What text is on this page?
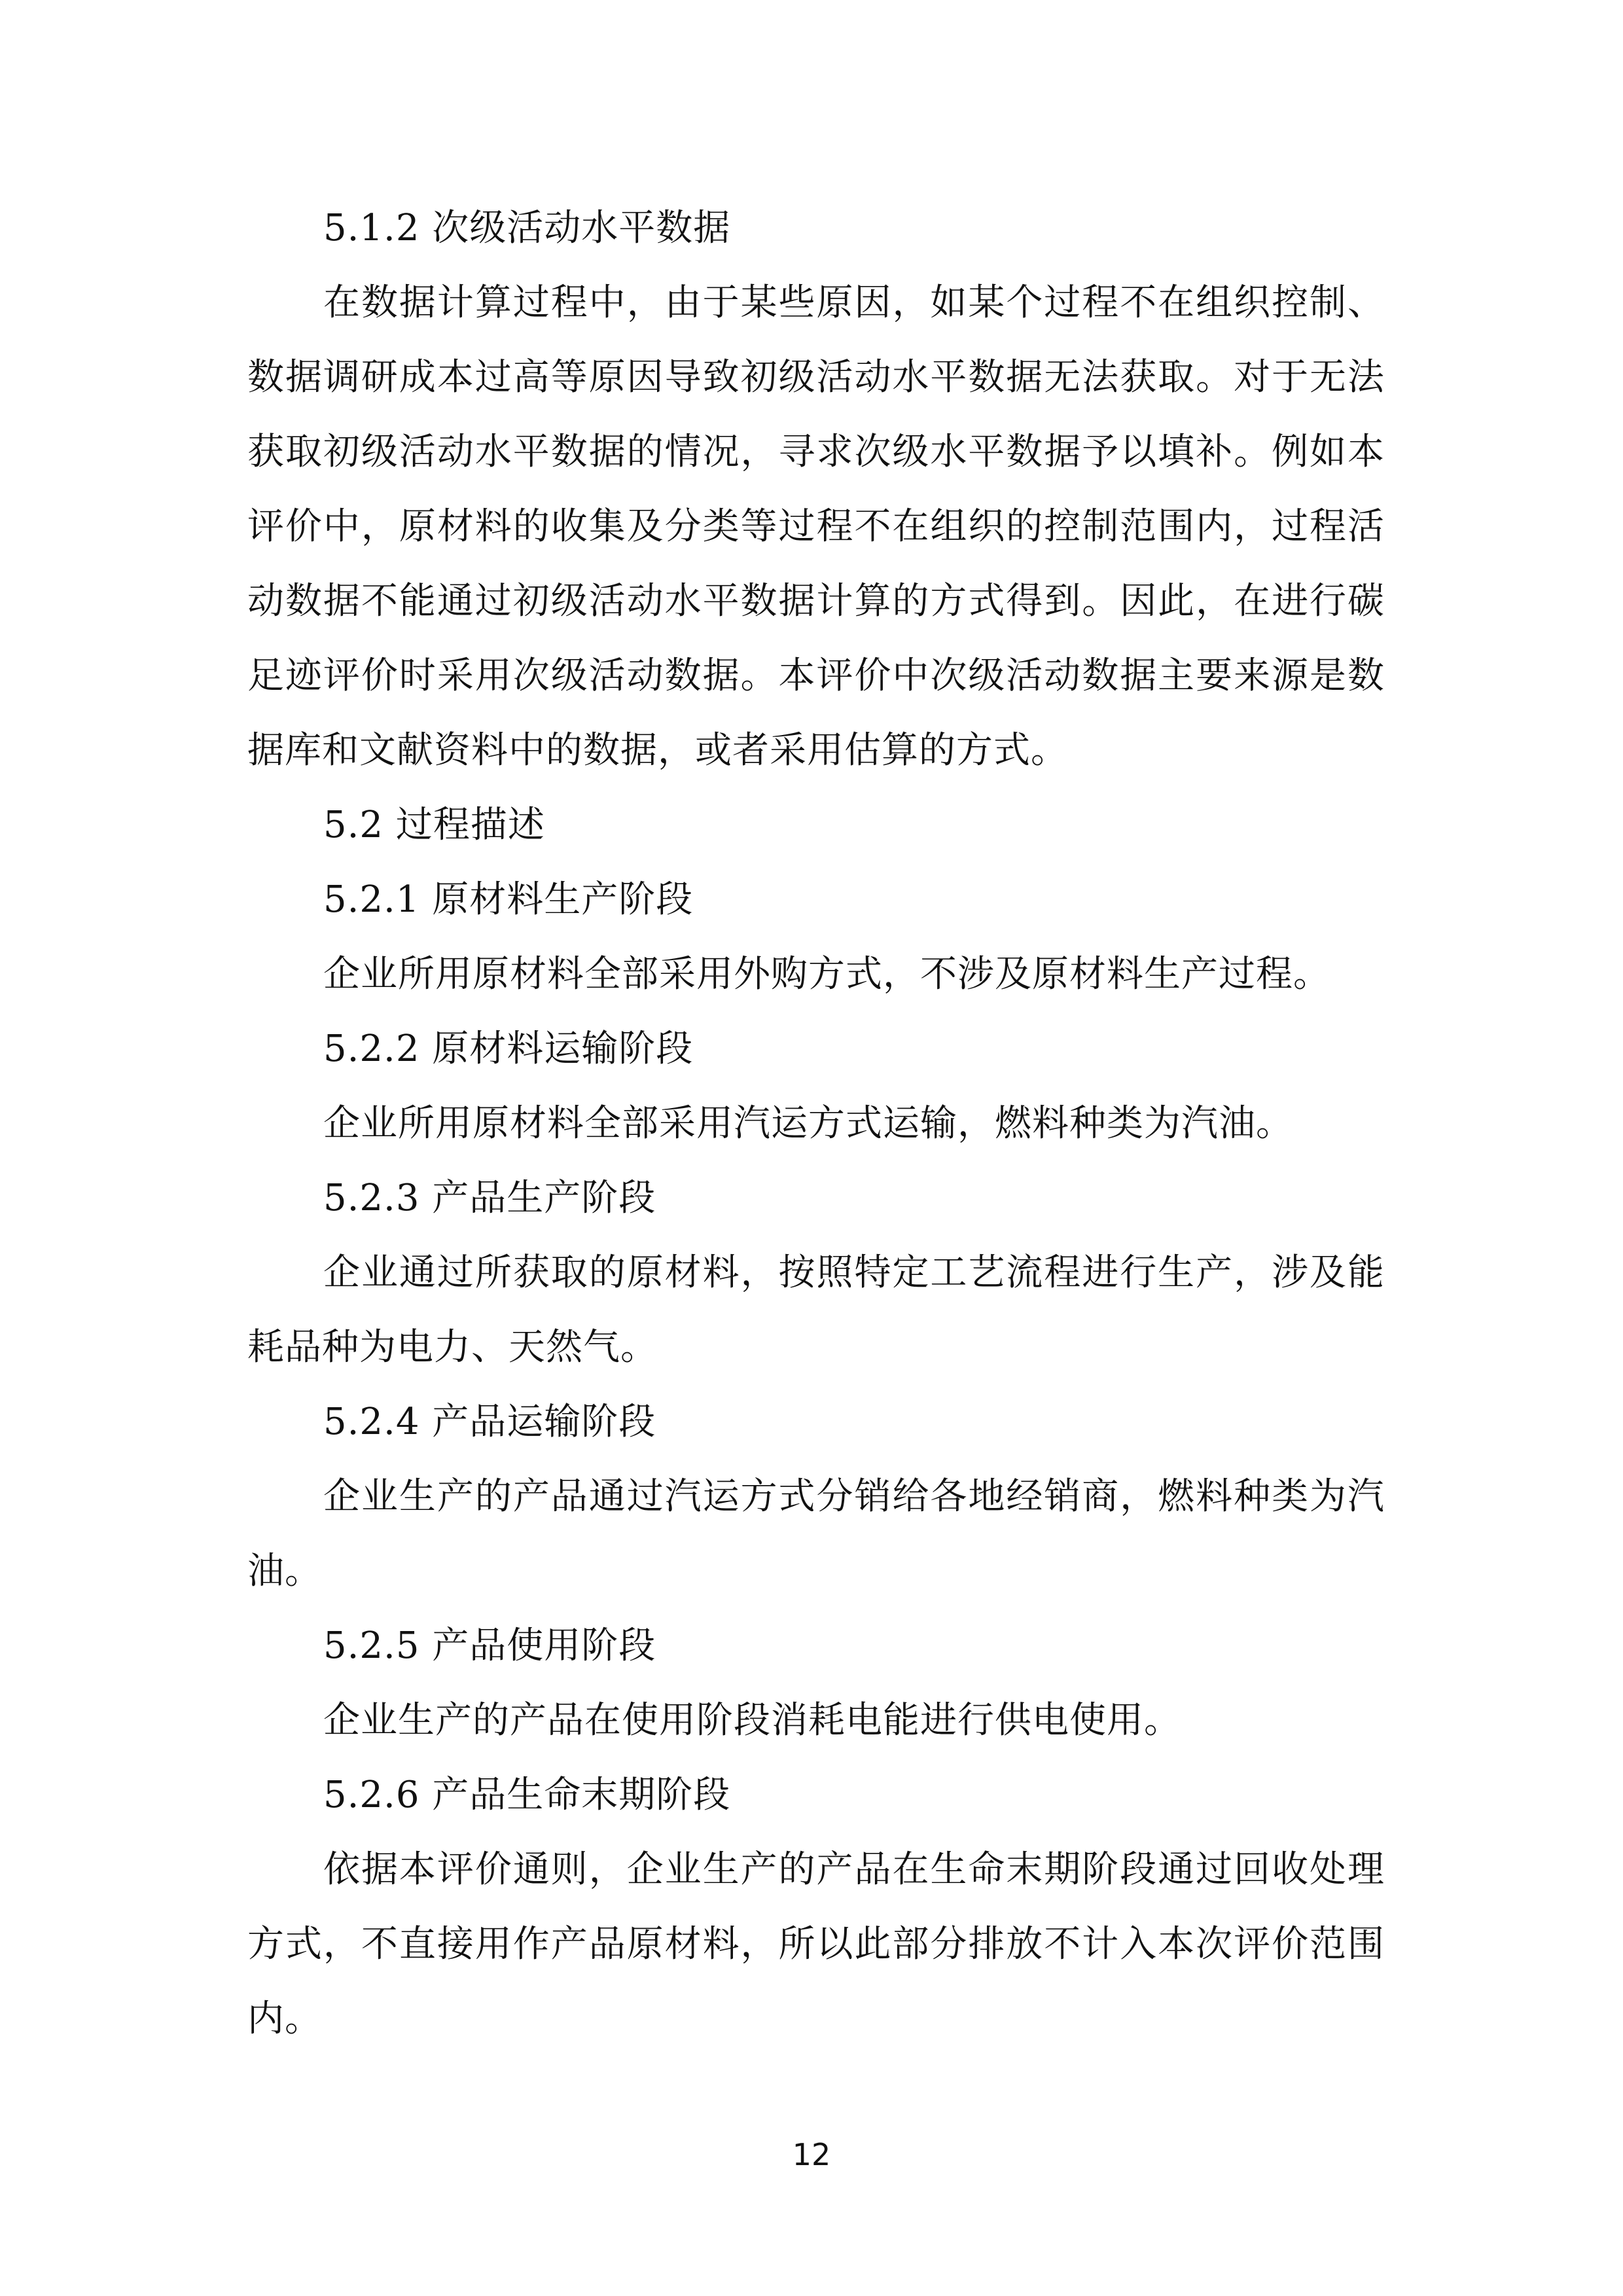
5.1.2 次级活动水平数据

在数据计算过程中，由于某些原因，如某个过程不在组织控制、数据调研成本过高等原因导致初级活动水平数据无法获取。对于无法获取初级活动水平数据的情况，寻求次级水平数据予以填补。例如本评价中，原材料的收集及分类等过程不在组织的控制范围内，过程活动数据不能通过初级活动水平数据计算的方式得到。因此，在进行碳足迹评价时采用次级活动数据。本评价中次级活动数据主要来源是数据库和文献资料中的数据，或者采用估算的方式。

5.2 过程描述

5.2.1 原材料生产阶段

企业所用原材料全部采用外购方式，不涉及原材料生产过程。

5.2.2 原材料运输阶段

企业所用原材料全部采用汽运方式运输，燃料种类为汽油。

5.2.3 产品生产阶段

企业通过所获取的原材料，按照特定工艺流程进行生产，涉及能耗品种为电力、天然气。

5.2.4 产品运输阶段

企业生产的产品通过汽运方式分销给各地经销商，燃料种类为汽油。

5.2.5 产品使用阶段

企业生产的产品在使用阶段消耗电能进行供电使用。

5.2.6 产品生命末期阶段

依据本评价通则，企业生产的产品在生命末期阶段通过回收处理方式，不直接用作产品原材料，所以此部分排放不计入本次评价范围内。

12
